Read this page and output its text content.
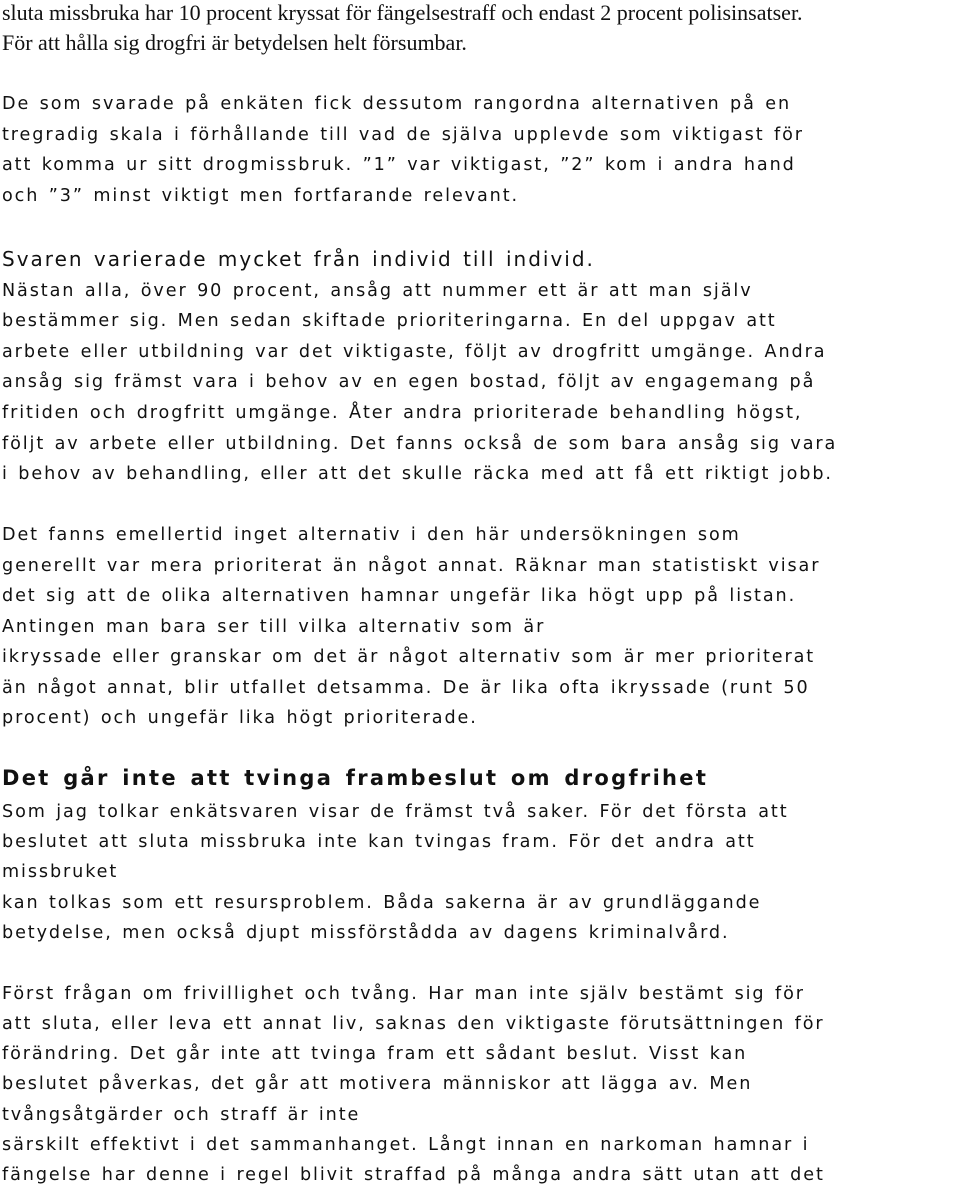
sluta missbruka har 10 procent kryssat för fängelsestraff och endast 2 procent polisinsatser.

För att hålla sig drogfri är betydelsen helt försumbar.

De som svarade på enkäten fick dessutom rangordna alternativen på en

tregradig skala i förhållande till vad de själva upplevde som viktigast för

att komma ur sitt drogmissbruk. ”1” var viktigast, ”2” kom i andra hand

och ”3” minst viktigt men fortfarande relevant.

Svaren varierade mycket från individ till individ.

Nästan alla, över 90 procent, ansåg att nummer ett är att man själv

bestämmer sig. Men sedan skiftade prioriteringarna. En del uppgav att

arbete eller utbildning var det viktigaste, följt av drogfritt umgänge. Andra

ansåg sig främst vara i behov av en egen bostad, följt av engagemang på

fritiden och drogfritt umgänge. Åter andra prioriterade behandling högst,

följt av arbete eller utbildning. Det fanns också de som bara ansåg sig vara

i behov av behandling, eller att det skulle räcka med att få ett riktigt jobb.

Det fanns emellertid inget alternativ i den här undersökningen som

generellt var mera prioriterat än något annat. Räknar man statistiskt visar

det sig att de olika alternativen hamnar ungefär lika högt upp på listan.

Antingen man bara ser till vilka alternativ som är

ikryssade eller granskar om det är något alternativ som är mer prioriterat

än något annat, blir utfallet detsamma. De är lika ofta ikryssade (runt 50

procent) och ungefär lika högt prioriterade.

Det går inte att tvinga frambeslut om drogfrihet

Som jag tolkar enkätsvaren visar de främst två saker. För det första att

beslutet att sluta missbruka inte kan tvingas fram. För det andra att

missbruket

kan tolkas som ett resursproblem. Båda sakerna är av grundläggande

betydelse, men också djupt missförstådda av dagens kriminalvård.

Först frågan om frivillighet och tvång. Har man inte själv bestämt sig för

att sluta, eller leva ett annat liv, saknas den viktigaste förutsättningen för

förändring. Det går inte att tvinga fram ett sådant beslut. Visst kan

beslutet påverkas, det går att motivera människor att lägga av. Men

tvångsåtgärder och straff är inte

särskilt effektivt i det sammanhanget. Långt innan en narkoman hamnar i

fängelse har denne i regel blivit straffad på många andra sätt utan att det
